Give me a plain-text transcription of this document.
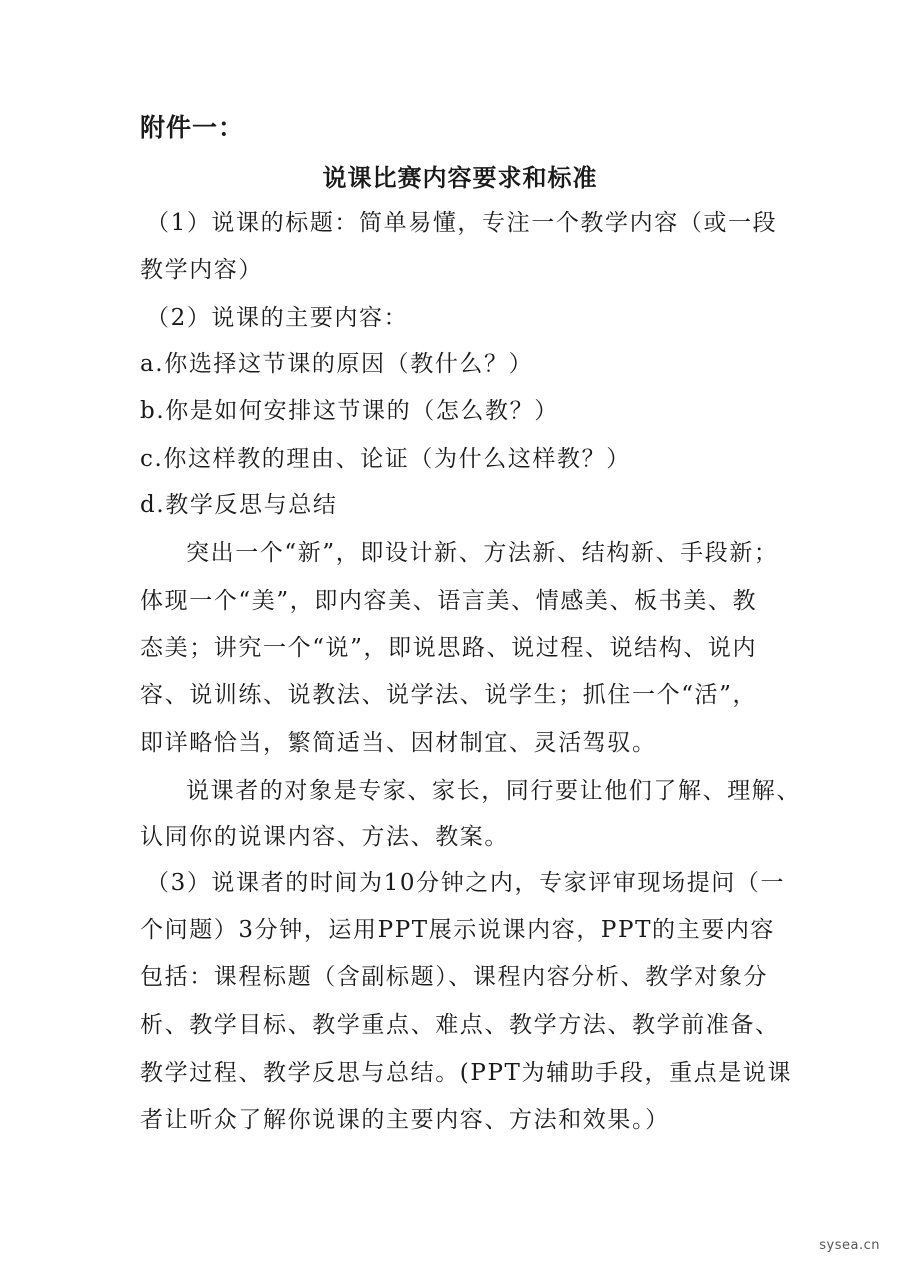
附件一：
说课比赛内容要求和标准
（1）说课的标题：简单易懂，专注一个教学内容（或一段
教学内容）
（2）说课的主要内容：
a.你选择这节课的原因（教什么？）
b.你是如何安排这节课的（怎么教？）
c.你这样教的理由、论证（为什么这样教？）
d.教学反思与总结
突出一个“新”，即设计新、方法新、结构新、手段新；
体现一个“美”，即内容美、语言美、情感美、板书美、教
态美；讲究一个“说”，即说思路、说过程、说结构、说内
容、说训练、说教法、说学法、说学生；抓住一个“活”，
即详略恰当，繁简适当、因材制宜、灵活驾驭。
说课者的对象是专家、家长，同行要让他们了解、理解、
认同你的说课内容、方法、教案。
（3）说课者的时间为10分钟之内，专家评审现场提问（一
个问题）3分钟，运用PPT展示说课内容，PPT的主要内容
包括：课程标题（含副标题）、课程内容分析、教学对象分
析、教学目标、教学重点、难点、教学方法、教学前准备、
教学过程、教学反思与总结。(PPT为辅助手段，重点是说课
者让听众了解你说课的主要内容、方法和效果。）
sysea.cn
